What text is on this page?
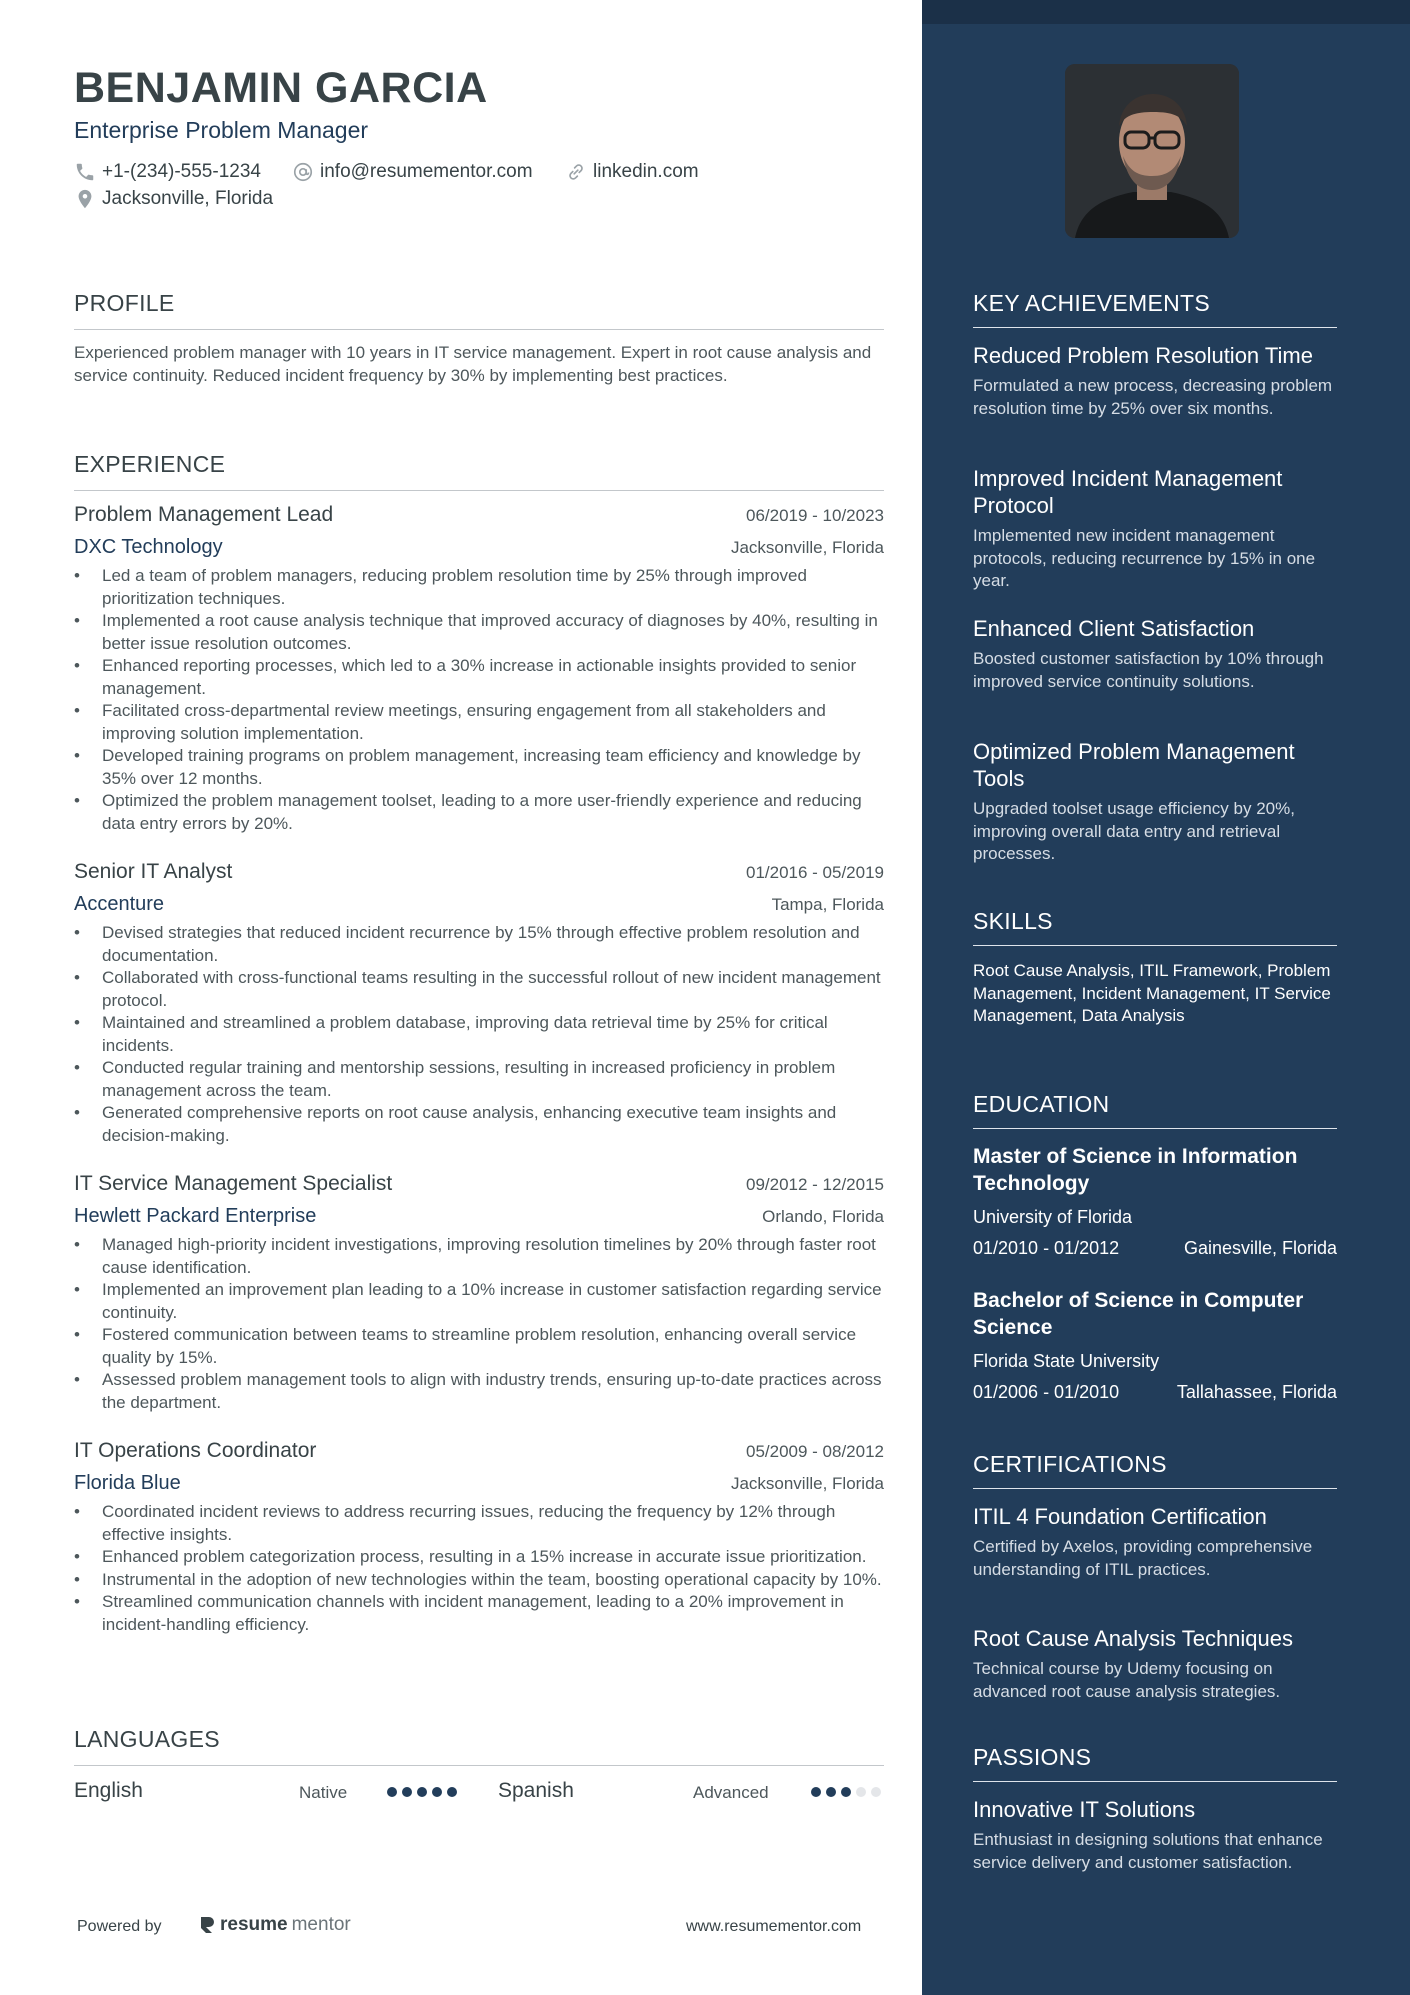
BENJAMIN GARCIA
Enterprise Problem Manager
+1-(234)-555-1234	info@resumementor.com	linkedin.com
Jacksonville, Florida
PROFILE
Experienced problem manager with 10 years in IT service management. Expert in root cause analysis and service continuity. Reduced incident frequency by 30% by implementing best practices.
EXPERIENCE
Problem Management Lead	06/2019 - 10/2023
DXC Technology	Jacksonville, Florida
• Led a team of problem managers, reducing problem resolution time by 25% through improved prioritization techniques.
• Implemented a root cause analysis technique that improved accuracy of diagnoses by 40%, resulting in better issue resolution outcomes.
• Enhanced reporting processes, which led to a 30% increase in actionable insights provided to senior management.
• Facilitated cross-departmental review meetings, ensuring engagement from all stakeholders and improving solution implementation.
• Developed training programs on problem management, increasing team efficiency and knowledge by 35% over 12 months.
• Optimized the problem management toolset, leading to a more user-friendly experience and reducing data entry errors by 20%.
Senior IT Analyst	01/2016 - 05/2019
Accenture	Tampa, Florida
• Devised strategies that reduced incident recurrence by 15% through effective problem resolution and documentation.
• Collaborated with cross-functional teams resulting in the successful rollout of new incident management protocol.
• Maintained and streamlined a problem database, improving data retrieval time by 25% for critical incidents.
• Conducted regular training and mentorship sessions, resulting in increased proficiency in problem management across the team.
• Generated comprehensive reports on root cause analysis, enhancing executive team insights and decision-making.
IT Service Management Specialist	09/2012 - 12/2015
Hewlett Packard Enterprise	Orlando, Florida
• Managed high-priority incident investigations, improving resolution timelines by 20% through faster root cause identification.
• Implemented an improvement plan leading to a 10% increase in customer satisfaction regarding service continuity.
• Fostered communication between teams to streamline problem resolution, enhancing overall service quality by 15%.
• Assessed problem management tools to align with industry trends, ensuring up-to-date practices across the department.
IT Operations Coordinator	05/2009 - 08/2012
Florida Blue	Jacksonville, Florida
• Coordinated incident reviews to address recurring issues, reducing the frequency by 12% through effective insights.
• Enhanced problem categorization process, resulting in a 15% increase in accurate issue prioritization.
• Instrumental in the adoption of new technologies within the team, boosting operational capacity by 10%.
• Streamlined communication channels with incident management, leading to a 20% improvement in incident-handling efficiency.
LANGUAGES
English	Native	Spanish	Advanced
Powered by	resume mentor	www.resumementor.com
KEY ACHIEVEMENTS
Reduced Problem Resolution Time
Formulated a new process, decreasing problem resolution time by 25% over six months.
Improved Incident Management Protocol
Implemented new incident management protocols, reducing recurrence by 15% in one year.
Enhanced Client Satisfaction
Boosted customer satisfaction by 10% through improved service continuity solutions.
Optimized Problem Management Tools
Upgraded toolset usage efficiency by 20%, improving overall data entry and retrieval processes.
SKILLS
Root Cause Analysis, ITIL Framework, Problem Management, Incident Management, IT Service Management, Data Analysis
EDUCATION
Master of Science in Information Technology
University of Florida
01/2010 - 01/2012	Gainesville, Florida
Bachelor of Science in Computer Science
Florida State University
01/2006 - 01/2010	Tallahassee, Florida
CERTIFICATIONS
ITIL 4 Foundation Certification
Certified by Axelos, providing comprehensive understanding of ITIL practices.
Root Cause Analysis Techniques
Technical course by Udemy focusing on advanced root cause analysis strategies.
PASSIONS
Innovative IT Solutions
Enthusiast in designing solutions that enhance service delivery and customer satisfaction.
